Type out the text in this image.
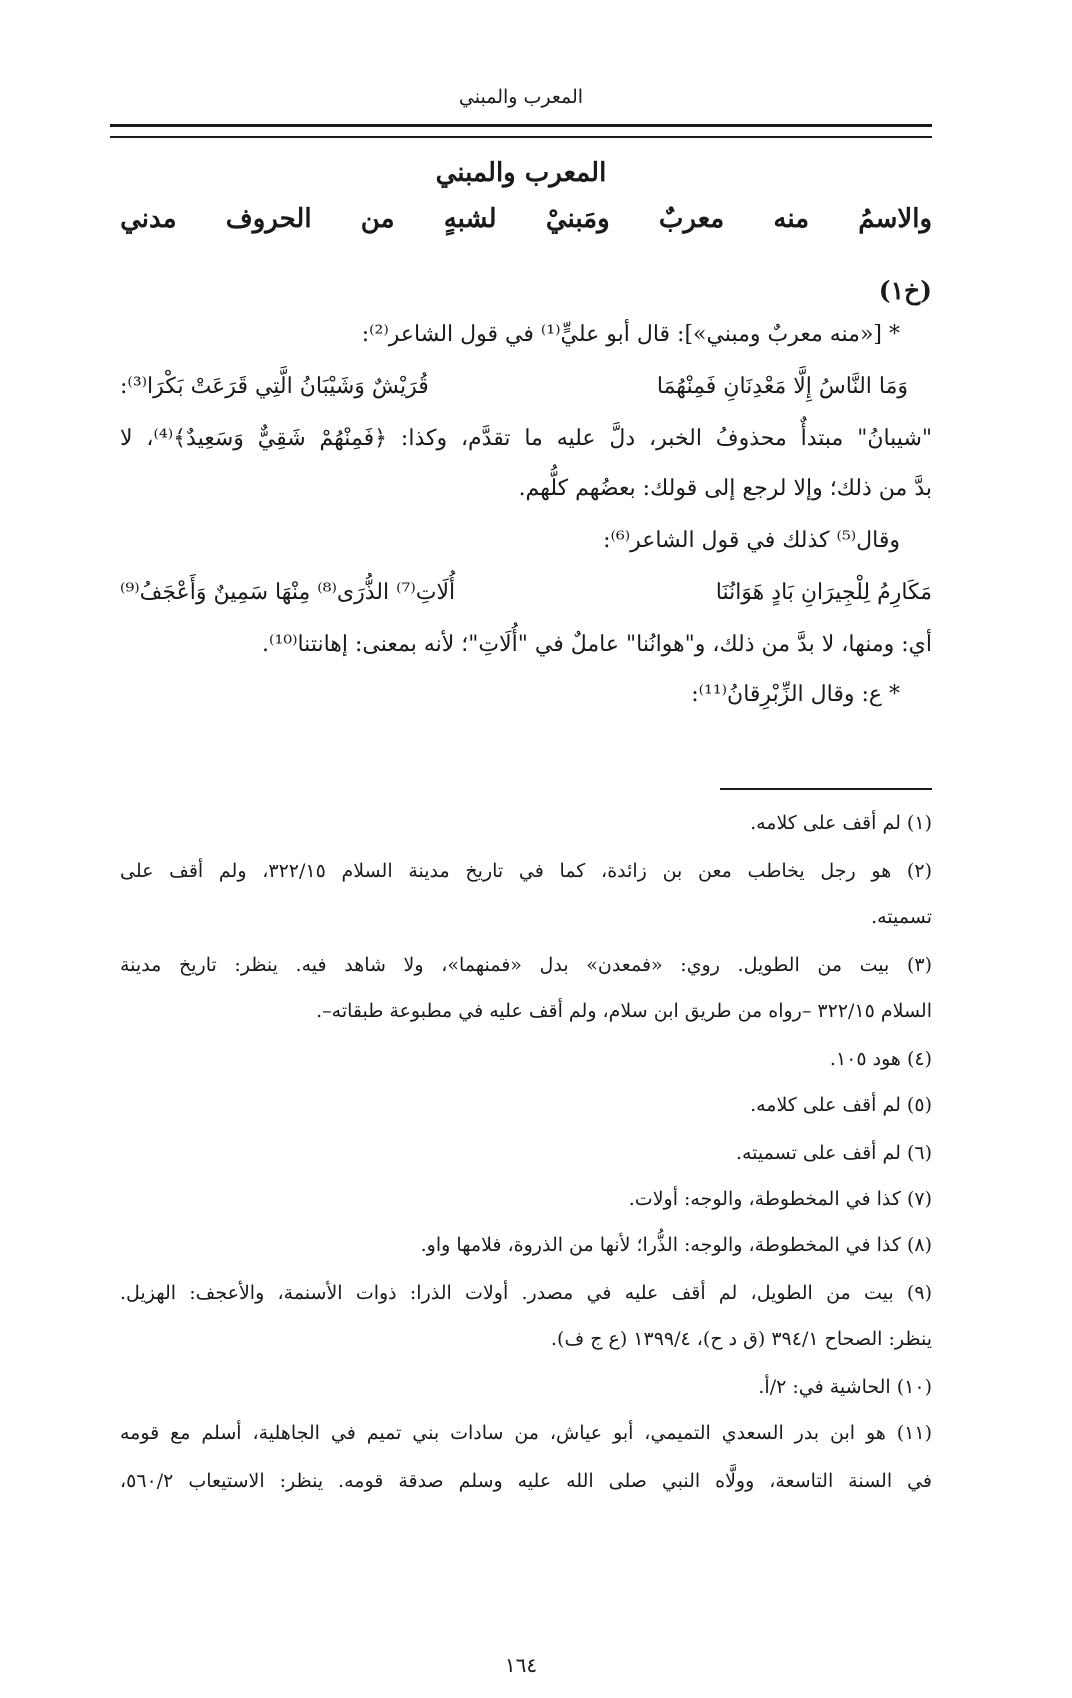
المعرب والمبني
المعرب والمبني
والاسمُ
منه
معربٌ
ومَبنيْ
لشبهٍ
من
الحروف
مدني
(خ١)
* [«منه معربٌ ومبني»]: قال أبو عليٍّ⁽¹⁾ في قول الشاعر⁽²⁾:
وَمَا النَّاسُ إِلَّا مَعْدِنَانِ فَمِنْهُمَا
قُرَيْشٌ وَشَيْبَانُ الَّتِي قَرَعَتْ بَكْرَا⁽³⁾:
"شيبانُ" مبتدأٌ محذوفُ الخبر، دلَّ عليه ما تقدَّم، وكذا: ﴿فَمِنْهُمْ شَقِيٌّ وَسَعِيدٌ﴾⁽⁴⁾، لا
بدَّ من ذلك؛ وإلا لرجع إلى قولك: بعضُهم كلُّهم.
وقال⁽⁵⁾ كذلك في قول الشاعر⁽⁶⁾:
مَكَارِمُ لِلْجِيرَانِ بَادٍ هَوَانُنَا
أُلَاتِ⁽⁷⁾ الذُّرَى⁽⁸⁾ مِنْهَا سَمِينٌ وَأَعْجَفُ⁽⁹⁾
أي: ومنها، لا بدَّ من ذلك، و"هوانُنا" عاملٌ في "أُلَاتِ"؛ لأنه بمعنى: إهانتنا⁽¹⁰⁾.
* ع: وقال الزِّبْرِقانُ⁽¹¹⁾:
(١) لم أقف على كلامه.
(٢) هو رجل يخاطب معن بن زائدة، كما في تاريخ مدينة السلام ٣٢٢/١٥، ولم أقف على
تسميته.
(٣) بيت من الطويل. روي: «فمعدن» بدل «فمنهما»، ولا شاهد فيه. ينظر: تاريخ مدينة
السلام ٣٢٢/١٥ –رواه من طريق ابن سلام، ولم أقف عليه في مطبوعة طبقاته–.
(٤) هود ١٠٥.
(٥) لم أقف على كلامه.
(٦) لم أقف على تسميته.
(٧) كذا في المخطوطة، والوجه: أولات.
(٨) كذا في المخطوطة، والوجه: الذُّرا؛ لأنها من الذروة، فلامها واو.
(٩) بيت من الطويل، لم أقف عليه في مصدر. أولات الذرا: ذوات الأسنمة، والأعجف: الهزيل.
ينظر: الصحاح ٣٩٤/١ (ق د ح)، ١٣٩٩/٤ (ع ج ف).
(١٠) الحاشية في: ٢/أ.
(١١) هو ابن بدر السعدي التميمي، أبو عياش، من سادات بني تميم في الجاهلية، أسلم مع قومه
في السنة التاسعة، وولَّاه النبي صلى الله عليه وسلم صدقة قومه. ينظر: الاستيعاب ٥٦٠/٢،
١٦٤
